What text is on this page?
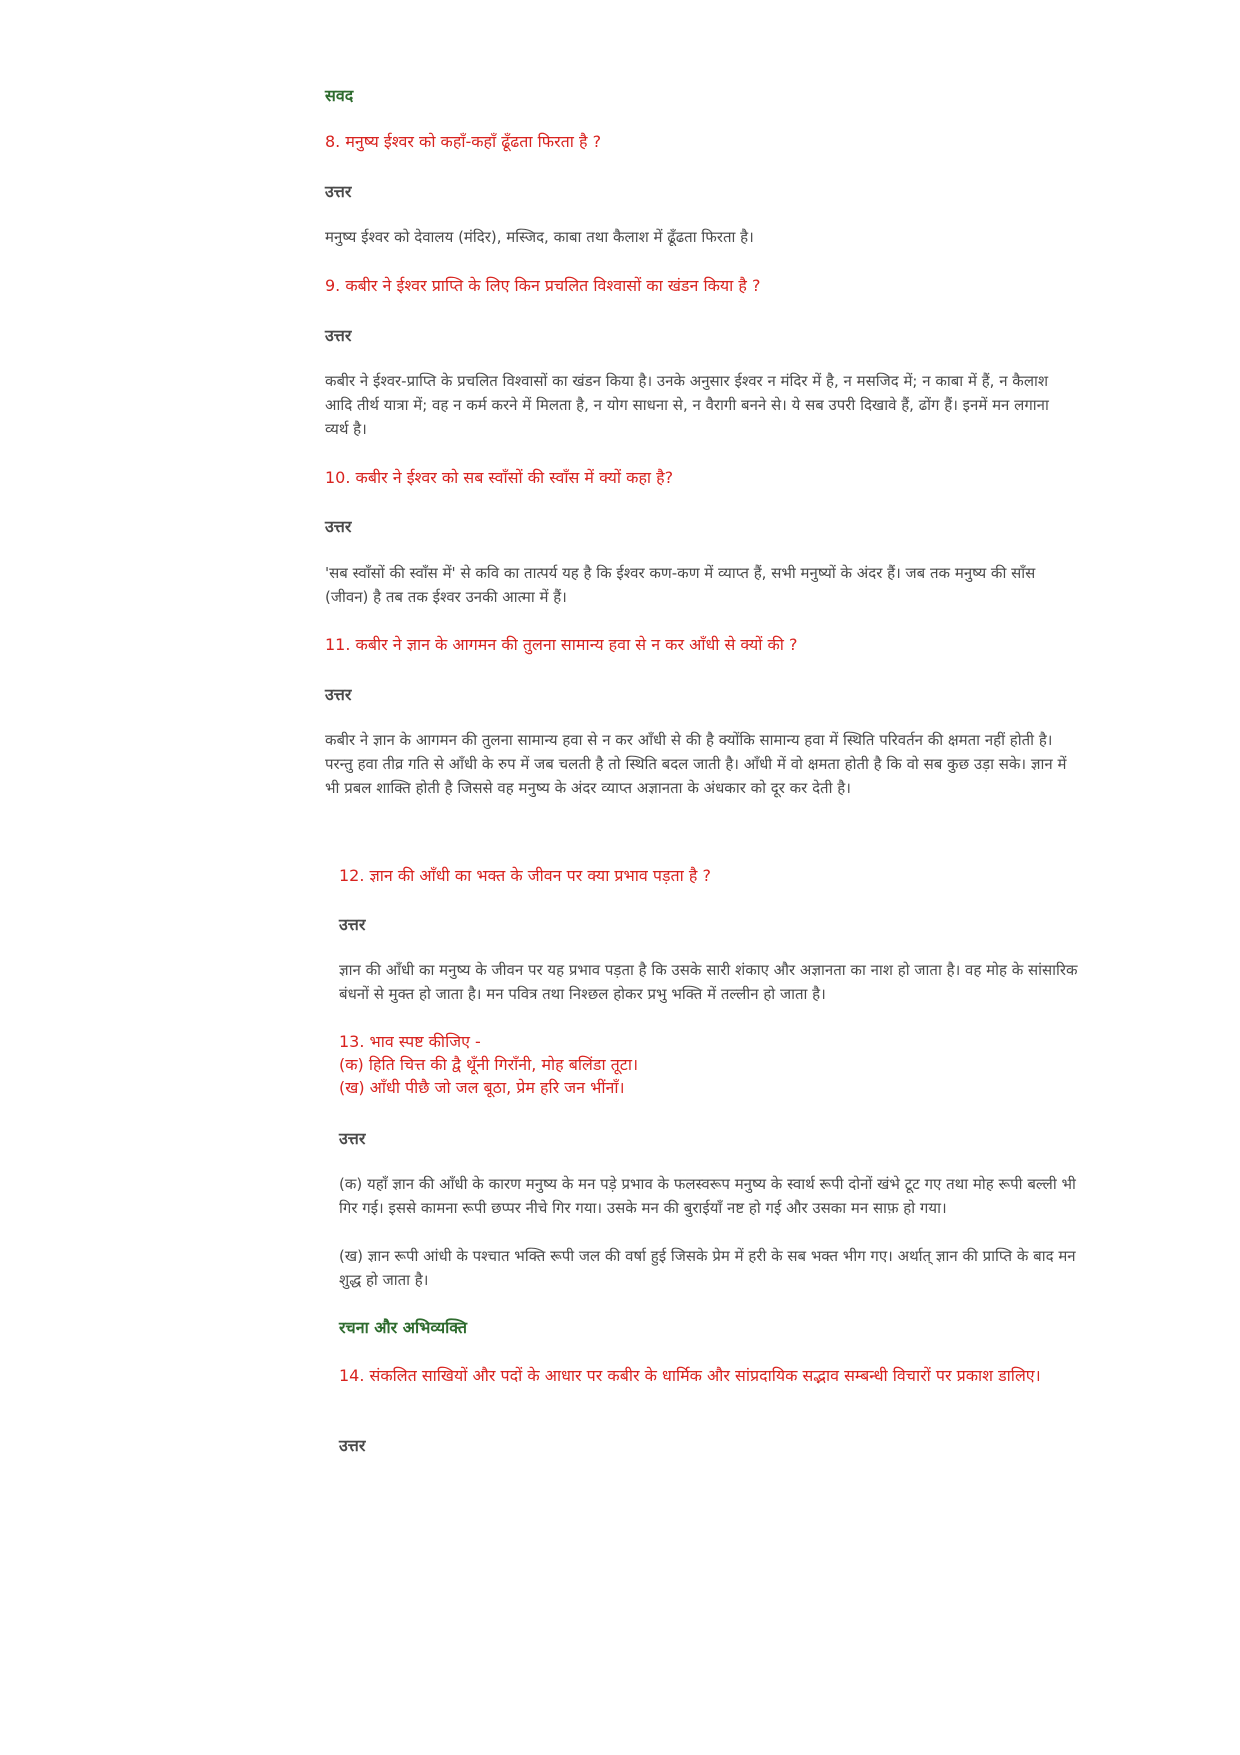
सवद
8. मनुष्य ईश्वर को कहाँ-कहाँ ढूँढता फिरता है ?
उत्तर
मनुष्य ईश्वर को देवालय (मंदिर), मस्जिद, काबा तथा कैलाश में ढूँढता फिरता है।
9. कबीर ने ईश्वर प्राप्ति के लिए किन प्रचलित विश्वासों का खंडन किया है ?
उत्तर
कबीर ने ईश्वर-प्राप्ति के प्रचलित विश्वासों का खंडन किया है। उनके अनुसार ईश्वर न मंदिर में है, न मसजिद में; न काबा में हैं, न कैलाश आदि तीर्थ यात्रा में; वह न कर्म करने में मिलता है, न योग साधना से, न वैरागी बनने से। ये सब उपरी दिखावे हैं, ढोंग हैं। इनमें मन लगाना व्यर्थ है।
10. कबीर ने ईश्वर को सब स्वाँसों की स्वाँस में क्यों कहा है?
उत्तर
'सब स्वाँसों की स्वाँस में' से कवि का तात्पर्य यह है कि ईश्वर कण-कण में व्याप्त हैं, सभी मनुष्यों के अंदर हैं। जब तक मनुष्य की साँस (जीवन) है तब तक ईश्वर उनकी आत्मा में हैं।
11. कबीर ने ज्ञान के आगमन की तुलना सामान्य हवा से न कर आँधी से क्यों की ?
उत्तर
कबीर ने ज्ञान के आगमन की तुलना सामान्य हवा से न कर आँधी से की है क्योंकि सामान्य हवा में स्थिति परिवर्तन की क्षमता नहीं होती है। परन्तु हवा तीव्र गति से आँधी के रुप में जब चलती है तो स्थिति बदल जाती है। आँधी में वो क्षमता होती है कि वो सब कुछ उड़ा सके। ज्ञान में भी प्रबल शाक्ति होती है जिससे वह मनुष्य के अंदर व्याप्त अज्ञानता के अंधकार को दूर कर देती है।
12. ज्ञान की आँधी का भक्त के जीवन पर क्या प्रभाव पड़ता है ?
उत्तर
ज्ञान की आँधी का मनुष्य के जीवन पर यह प्रभाव पड़ता है कि उसके सारी शंकाए और अज्ञानता का नाश हो जाता है। वह मोह के सांसारिक बंधनों से मुक्त हो जाता है। मन पवित्र तथा निश्छल होकर प्रभु भक्ति में तल्लीन हो जाता है।
13. भाव स्पष्ट कीजिए -
(क) हिति चित्त की द्वै थूँनी गिराँनी, मोह बलिंडा तूटा।
(ख) आँधी पीछै जो जल बूठा, प्रेम हरि जन भींनाँ।
उत्तर
(क) यहाँ ज्ञान की आँधी के कारण मनुष्य के मन पड़े प्रभाव के फलस्वरूप मनुष्य के स्वार्थ रूपी दोनों खंभे टूट गए तथा मोह रूपी बल्ली भी गिर गई। इससे कामना रूपी छप्पर नीचे गिर गया। उसके मन की बुराईयाँ नष्ट हो गई और उसका मन साफ़ हो गया।
(ख) ज्ञान रूपी आंधी के पश्चात भक्ति रूपी जल की वर्षा हुई जिसके प्रेम में हरी के सब भक्त भीग गए। अर्थात् ज्ञान की प्राप्ति के बाद मन शुद्ध हो जाता है।
रचना और अभिव्यक्ति
14. संकलित साखियों और पदों के आधार पर कबीर के धार्मिक और सांप्रदायिक सद्भाव सम्बन्धी विचारों पर प्रकाश डालिए।
उत्तर
